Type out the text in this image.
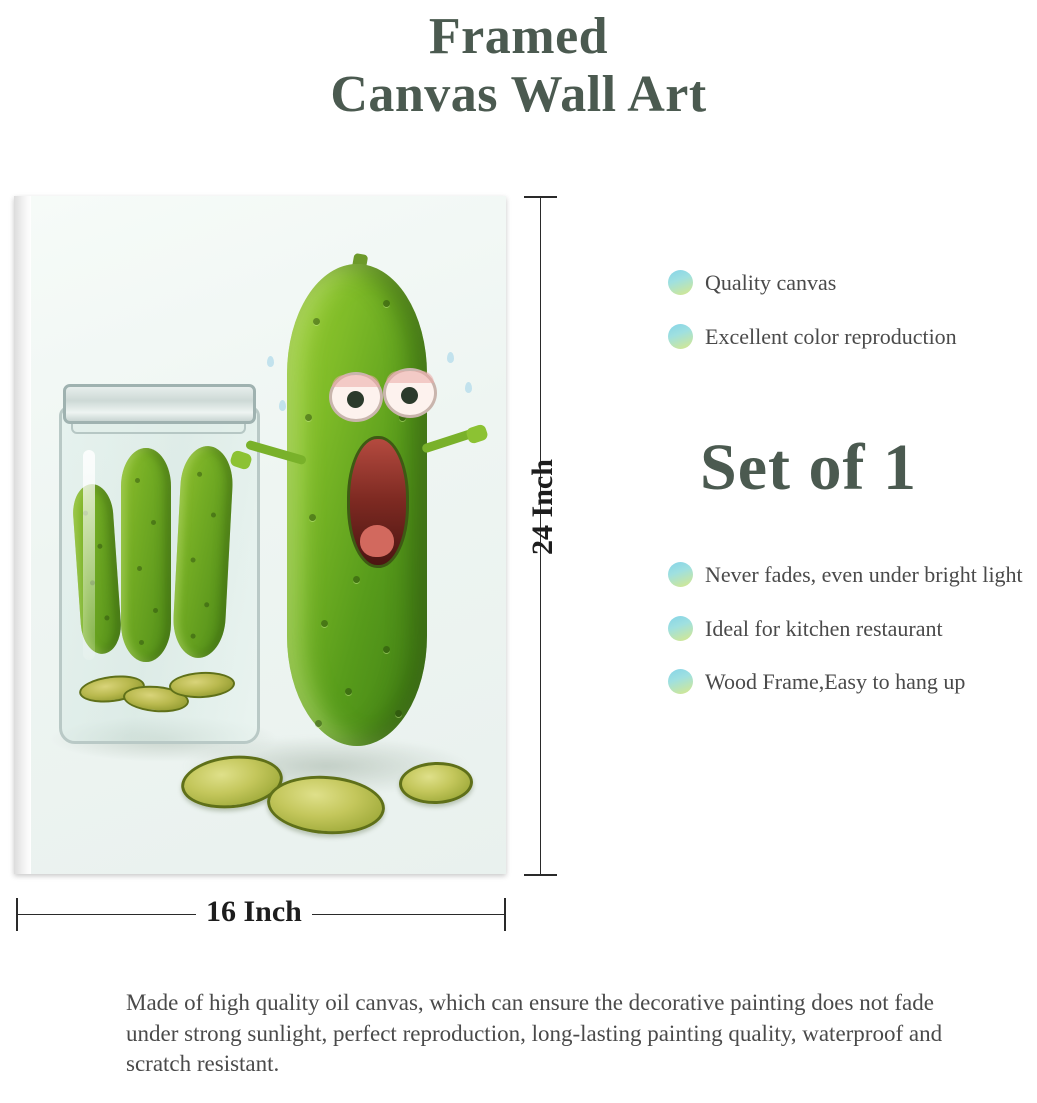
Framed
Canvas Wall Art
24 Inch
16 Inch
Quality canvas
Excellent color reproduction
Set of 1
Never fades, even under bright light
Ideal for kitchen restaurant
Wood Frame,Easy to hang up
Made of high quality oil canvas, which can ensure the decorative painting does not fade under strong sunlight, perfect reproduction, long-lasting painting quality, waterproof and scratch resistant.
